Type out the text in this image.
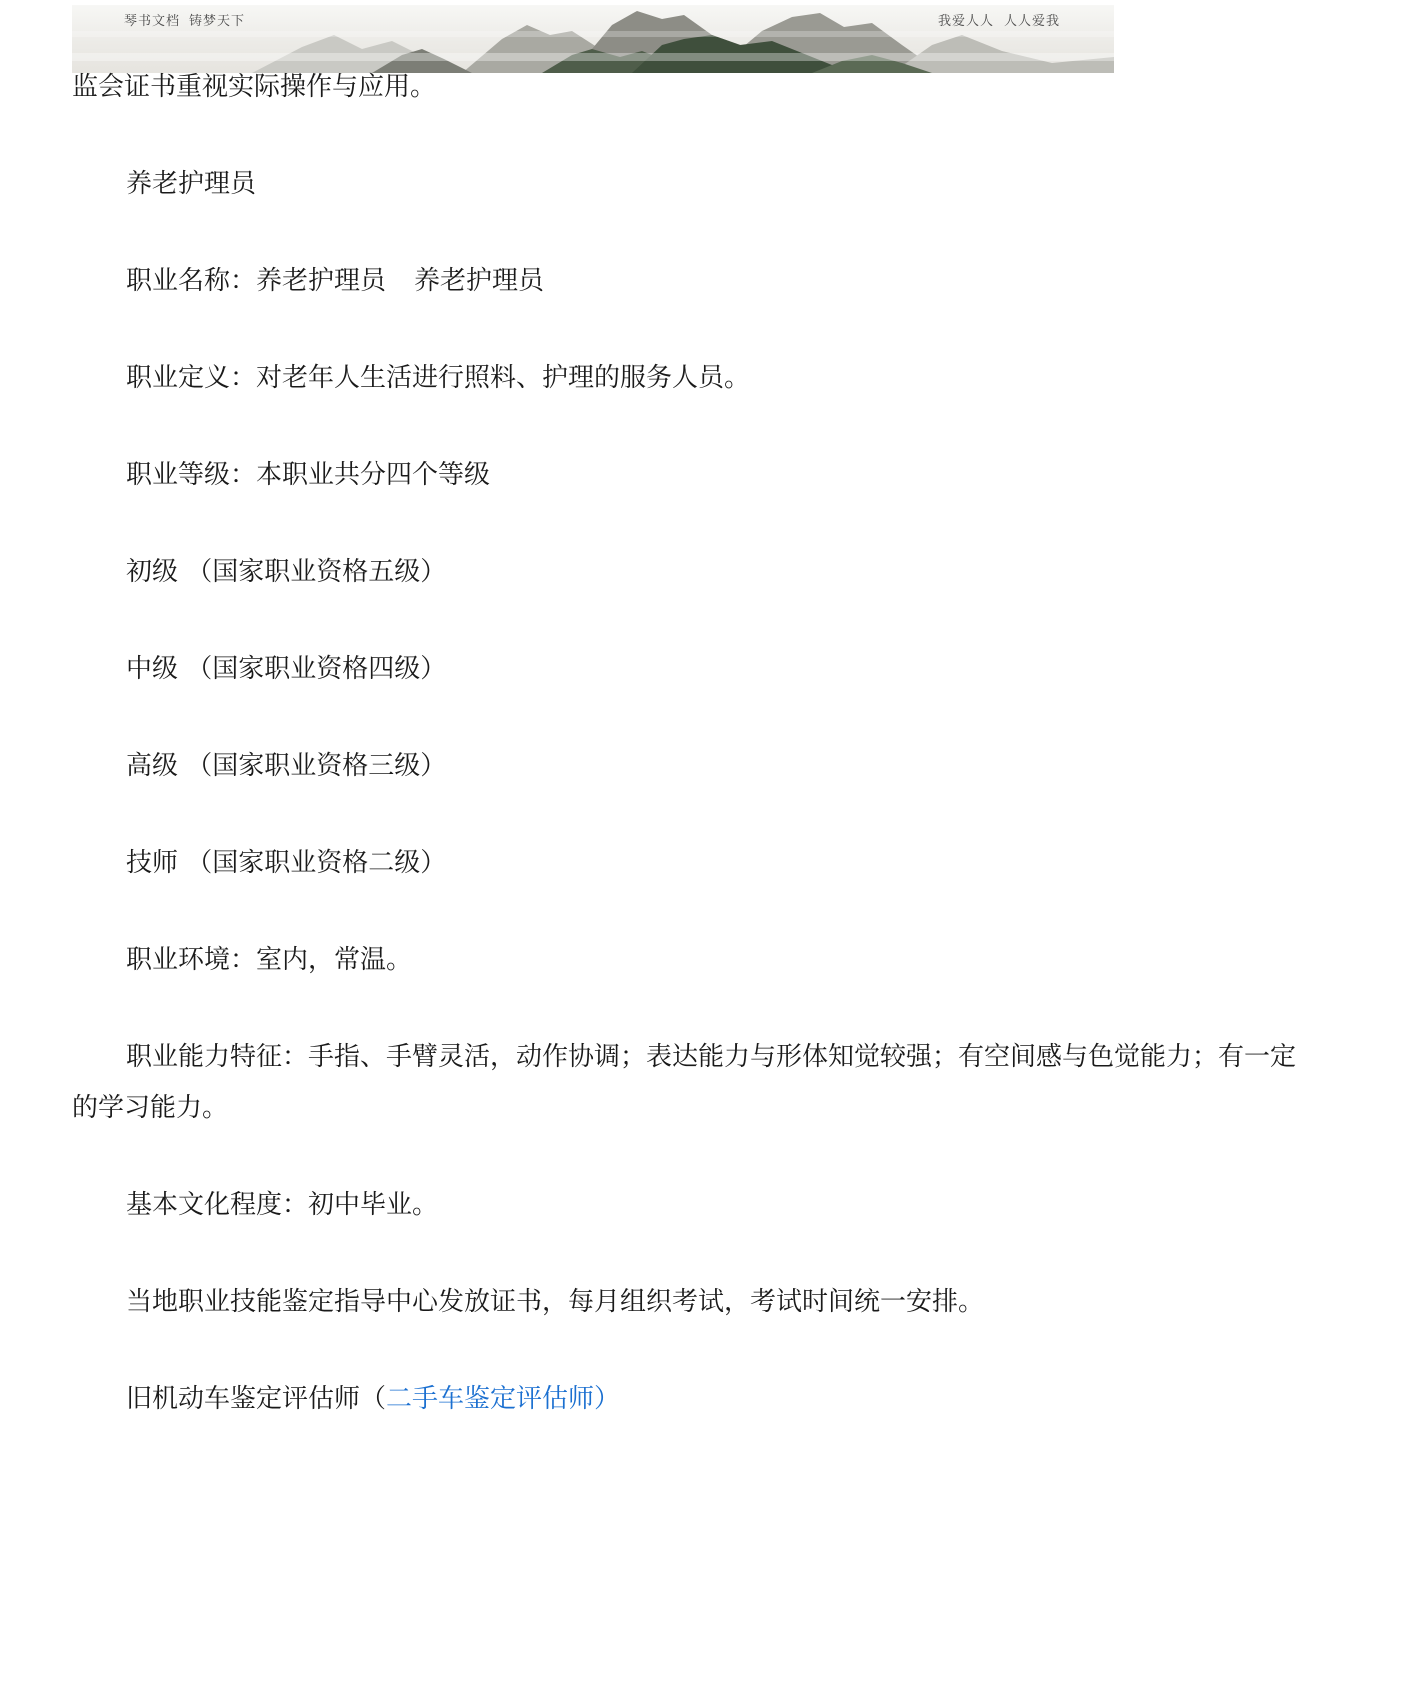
琴书文档 铸梦天下	我爱人人 人人爱我

监会证书重视实际操作与应用。

养老护理员

职业名称：养老护理员 养老护理员

职业定义：对老年人生活进行照料、护理的服务人员。

职业等级：本职业共分四个等级

初级 （国家职业资格五级）

中级 （国家职业资格四级）

高级 （国家职业资格三级）

技师 （国家职业资格二级）

职业环境：室内，常温。

职业能力特征：手指、手臂灵活，动作协调；表达能力与形体知觉较强；有空间感与色觉能力；有一定

的学习能力。

基本文化程度：初中毕业。

当地职业技能鉴定指导中心发放证书，每月组织考试，考试时间统一安排。

旧机动车鉴定评估师（二手车鉴定评估师）
